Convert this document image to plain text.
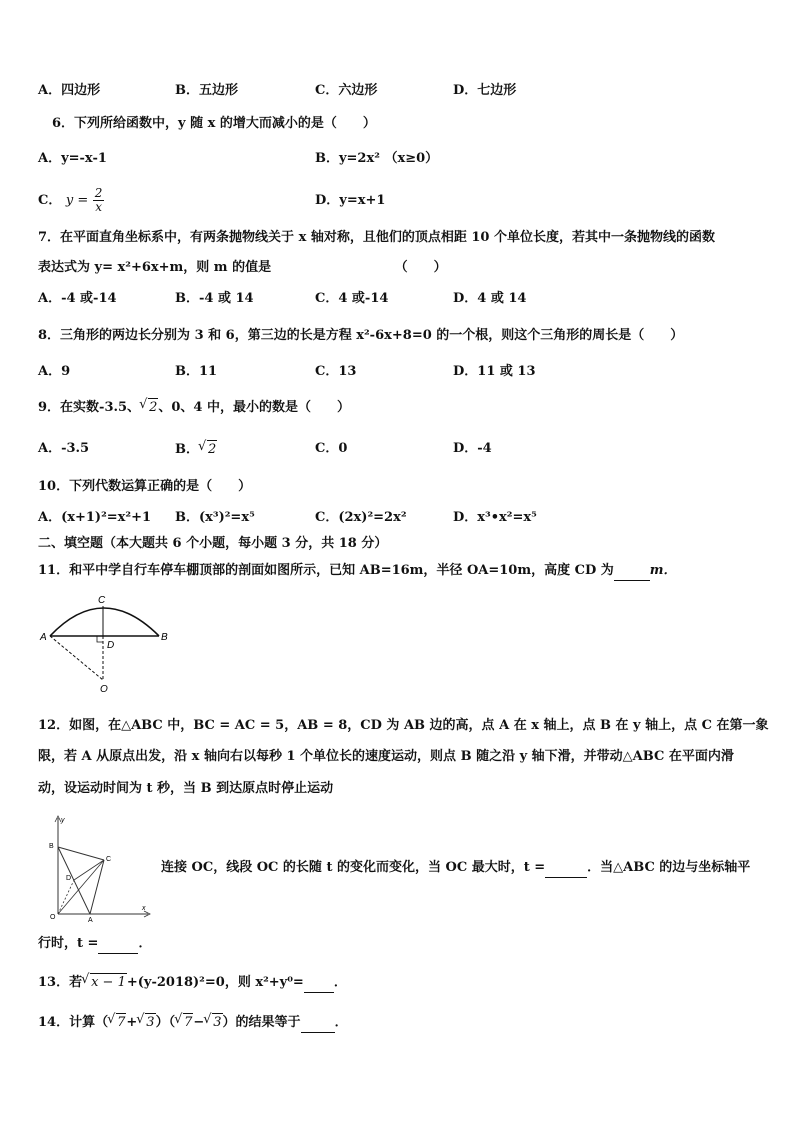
A．四边形	B．五边形	C．六边形	D．七边形
6．下列所给函数中，y 随 x 的增大而减小的是（　　）
A．y=-x-1	B．y=2x² （x≥0）
C． $y = \frac{2}{x}$	D．y=x+1
7．在平面直角坐标系中，有两条抛物线关于 x 轴对称，且他们的顶点相距 10 个单位长度，若其中一条抛物线的函数
表达式为 y= x²+6x+m，则 m 的值是　　　　　　　　　　（　　）
A．-4 或-14	B．-4 或 14	C．4 或-14	D．4 或 14
8．三角形的两边长分别为 3 和 6，第三边的长是方程 x²-6x+8=0 的一个根，则这个三角形的周长是（　　）
A．9	B．11	C．13	D．11 或 13
9．在实数-3.5、 √ 2、0、4 中，最小的数是（　　）
A．-3.5	B． √ 2	C．0	D．-4
10．下列代数运算正确的是（　　）
A．(x+1)²=x²+1 B．(x³)²=x⁵	C．(2x)²=2x²	D．x³•x²=x⁵
二、填空题（本大题共 6 个小题，每小题 3 分，共 18 分）
11．和平中学自行车停车棚顶部的剖面如图所示，已知 AB=16m，半径 OA=10m，高度 CD 为	m．
C
A	B
D
O
12．如图，在△ABC 中，BC = AC = 5，AB = 8，CD 为 AB 边的高，点 A 在 x 轴上，点 B 在 y 轴上，点 C 在第一象
限，若 A 从原点出发，沿 x 轴向右以每秒 1 个单位长的速度运动，则点 B 随之沿 y 轴下滑，并带动△ABC 在平面内滑
动，设运动时间为 t 秒，当 B 到达原点时停止运动
y
x
B
C
D
O	A
连接 OC，线段 OC 的长随 t 的变化而变化，当 OC 最大时，t =	．当△ABC 的边与坐标轴平
行时，t =	．
13．若 √ x − 1+(y-2018)²=0，则 x²+y⁰= ．
14．计算（ √ 7+ √ 3）（ √ 7− √ 3）的结果等于	．
